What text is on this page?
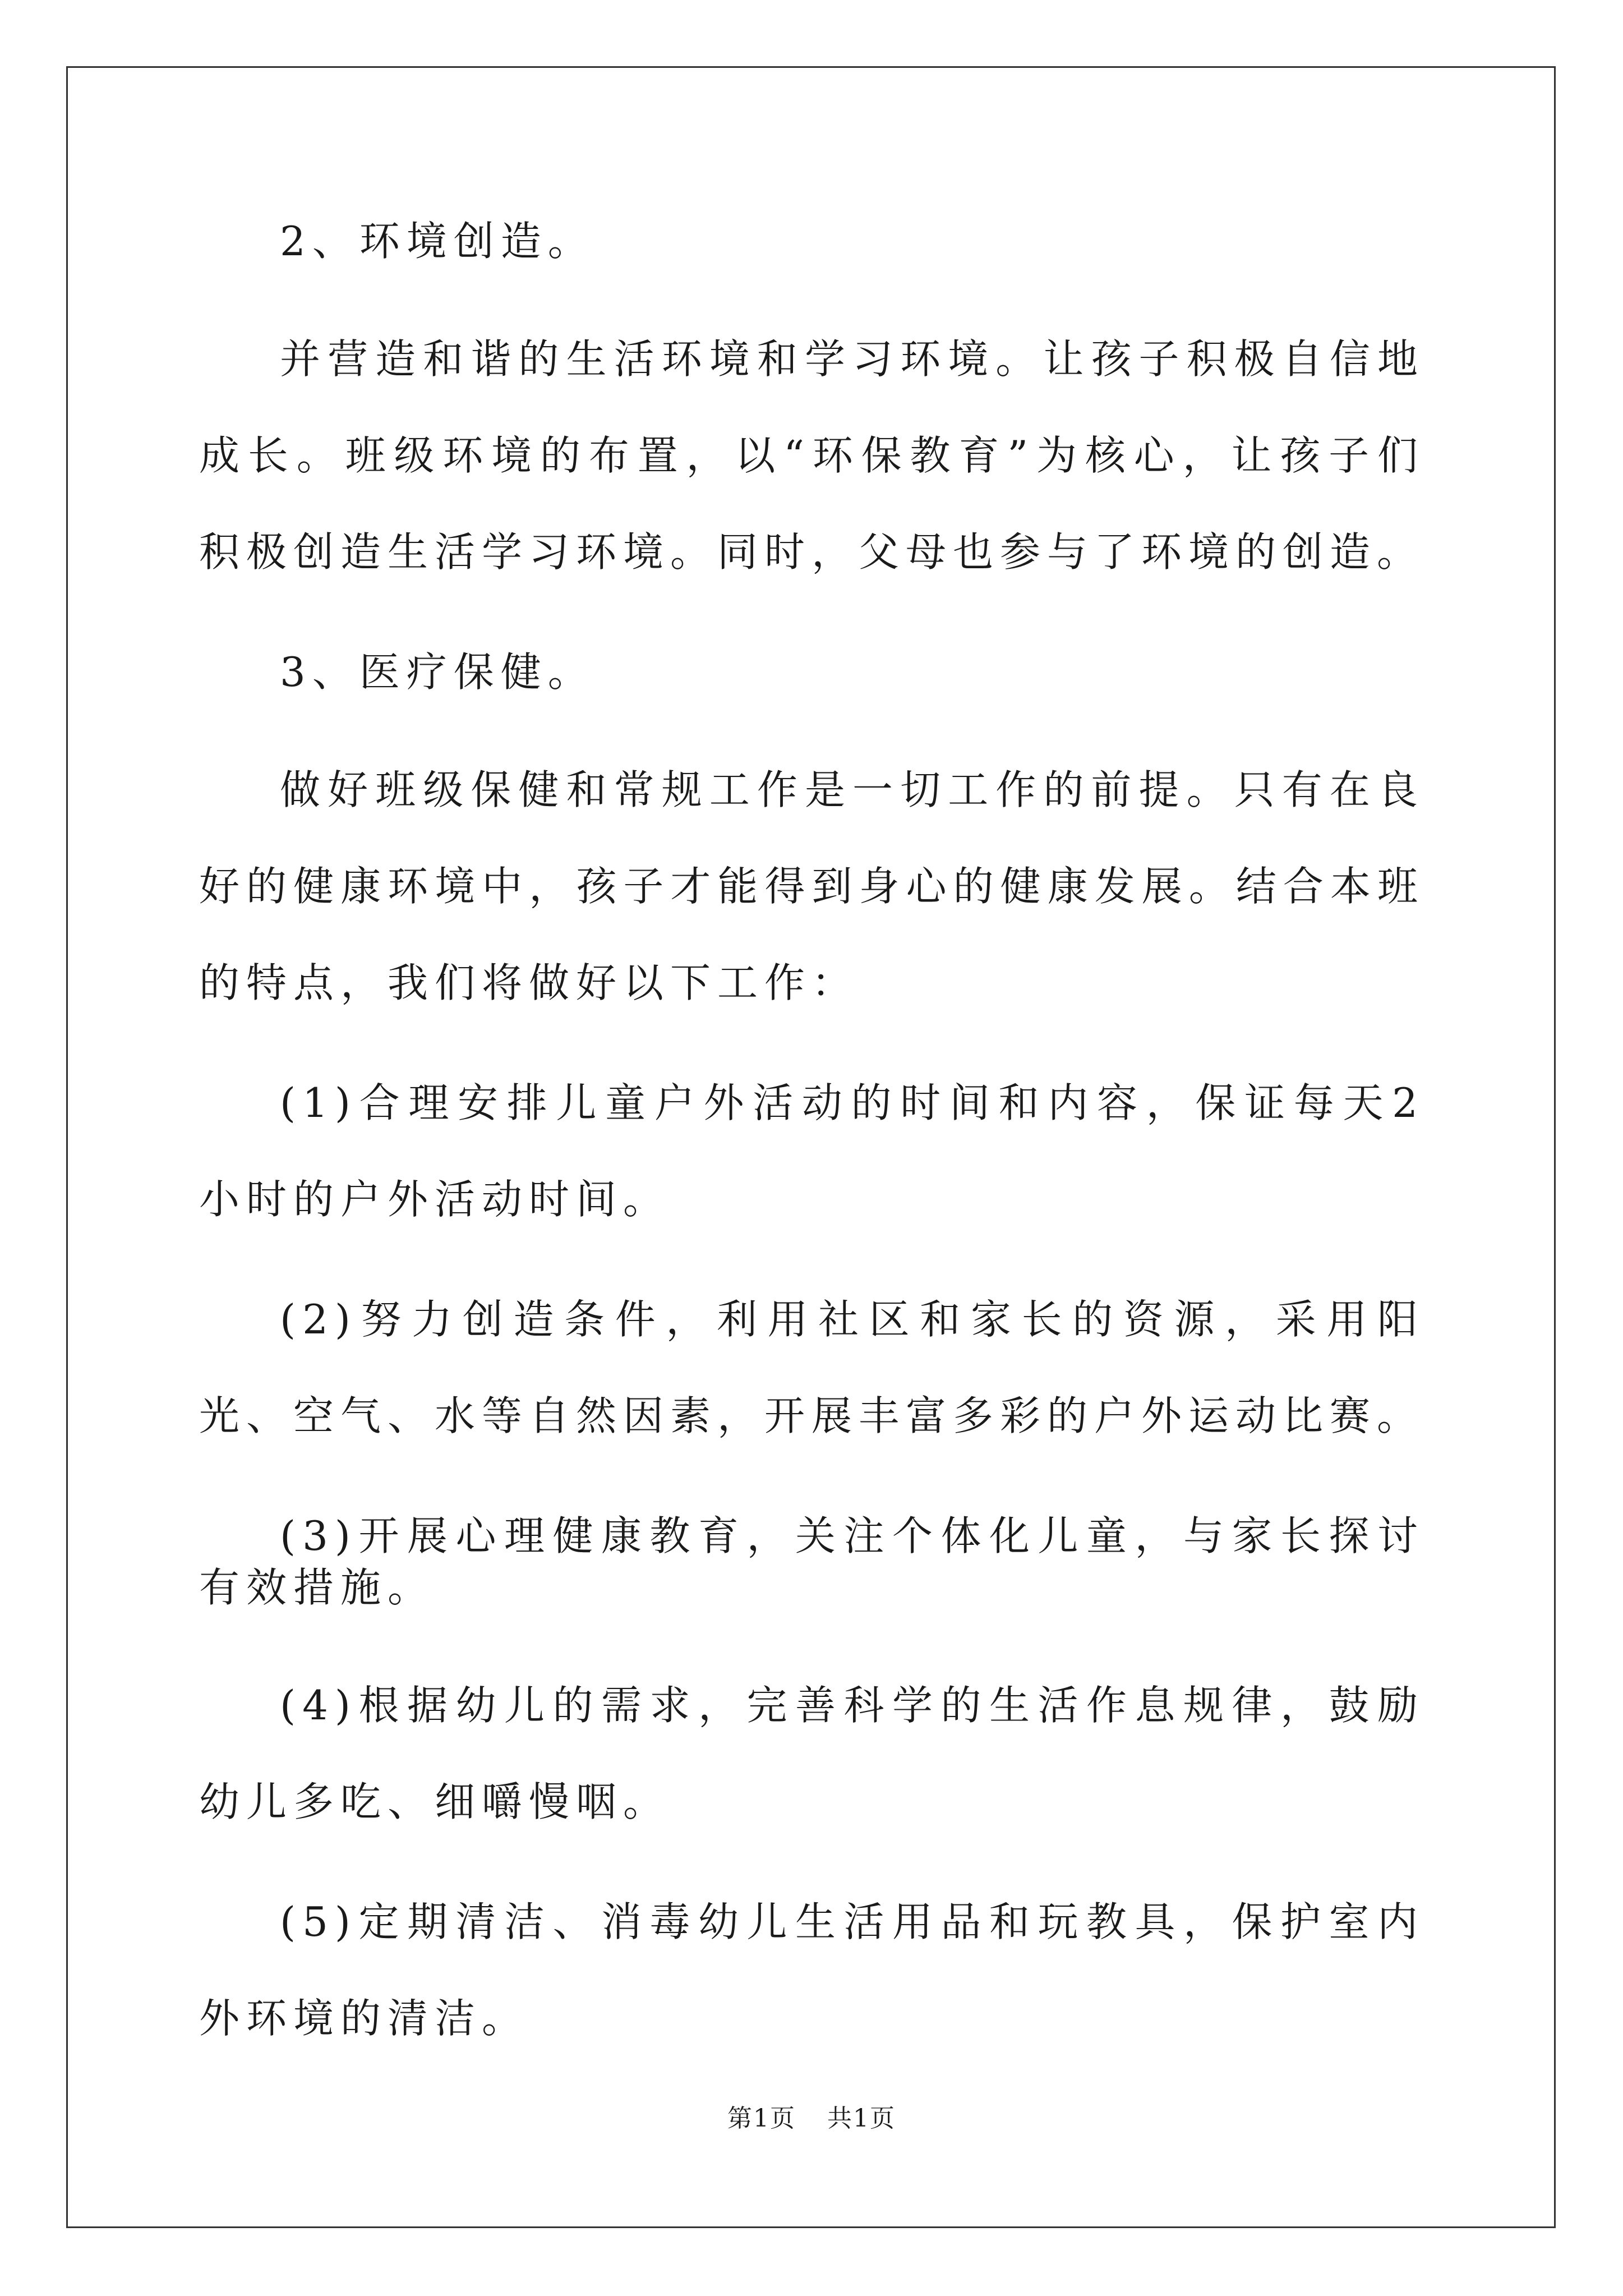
2、环境创造。

并营造和谐的生活环境和学习环境。让孩子积极自信地成长。班级环境的布置，以“环保教育”为核心，让孩子们积极创造生活学习环境。同时，父母也参与了环境的创造。

3、医疗保健。

做好班级保健和常规工作是一切工作的前提。只有在良好的健康环境中，孩子才能得到身心的健康发展。结合本班的特点，我们将做好以下工作：

(1)合理安排儿童户外活动的时间和内容，保证每天2小时的户外活动时间。

(2)努力创造条件，利用社区和家长的资源，采用阳光、空气、水等自然因素，开展丰富多彩的户外运动比赛。

(3)开展心理健康教育，关注个体化儿童，与家长探讨有效措施。

(4)根据幼儿的需求，完善科学的生活作息规律，鼓励幼儿多吃、细嚼慢咽。

(5)定期清洁、消毒幼儿生活用品和玩教具，保护室内外环境的清洁。

第1页 共1页
